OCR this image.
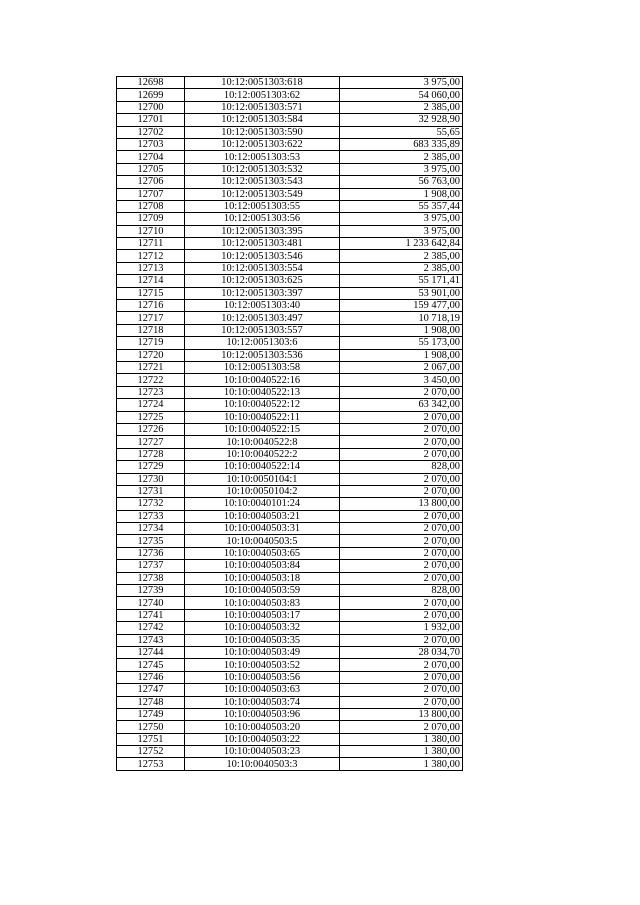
12698	10:12:0051303:618	3 975,00
12699	10:12:0051303:62	54 060,00
12700	10:12:0051303:571	2 385,00
12701	10:12:0051303:584	32 928,90
12702	10:12:0051303:590	55,65
12703	10:12:0051303:622	683 335,89
12704	10:12:0051303:53	2 385,00
12705	10:12:0051303:532	3 975,00
12706	10:12:0051303:543	56 763,00
12707	10:12:0051303:549	1 908,00
12708	10:12:0051303:55	55 357,44
12709	10:12:0051303:56	3 975,00
12710	10:12:0051303:395	3 975,00
12711	10:12:0051303:481	1 233 642,84
12712	10:12:0051303:546	2 385,00
12713	10:12:0051303:554	2 385,00
12714	10:12:0051303:625	55 171,41
12715	10:12:0051303:397	53 901,00
12716	10:12:0051303:40	159 477,00
12717	10:12:0051303:497	10 718,19
12718	10:12:0051303:557	1 908,00
12719	10:12:0051303:6	55 173,00
12720	10:12:0051303:536	1 908,00
12721	10:12:0051303:58	2 067,00
12722	10:10:0040522:16	3 450,00
12723	10:10:0040522:13	2 070,00
12724	10:10:0040522:12	63 342,00
12725	10:10:0040522:11	2 070,00
12726	10:10:0040522:15	2 070,00
12727	10:10:0040522:8	2 070,00
12728	10:10:0040522:2	2 070,00
12729	10:10:0040522:14	828,00
12730	10:10:0050104:1	2 070,00
12731	10:10:0050104:2	2 070,00
12732	10:10:0040101:24	13 800,00
12733	10:10:0040503:21	2 070,00
12734	10:10:0040503:31	2 070,00
12735	10:10:0040503:5	2 070,00
12736	10:10:0040503:65	2 070,00
12737	10:10:0040503:84	2 070,00
12738	10:10:0040503:18	2 070,00
12739	10:10:0040503:59	828,00
12740	10:10:0040503:83	2 070,00
12741	10:10:0040503:17	2 070,00
12742	10:10:0040503:32	1 932,00
12743	10:10:0040503:35	2 070,00
12744	10:10:0040503:49	28 034,70
12745	10:10:0040503:52	2 070,00
12746	10:10:0040503:56	2 070,00
12747	10:10:0040503:63	2 070,00
12748	10:10:0040503:74	2 070,00
12749	10:10:0040503:96	13 800,00
12750	10:10:0040503:20	2 070,00
12751	10:10:0040503:22	1 380,00
12752	10:10:0040503:23	1 380,00
12753	10:10:0040503:3	1 380,00
